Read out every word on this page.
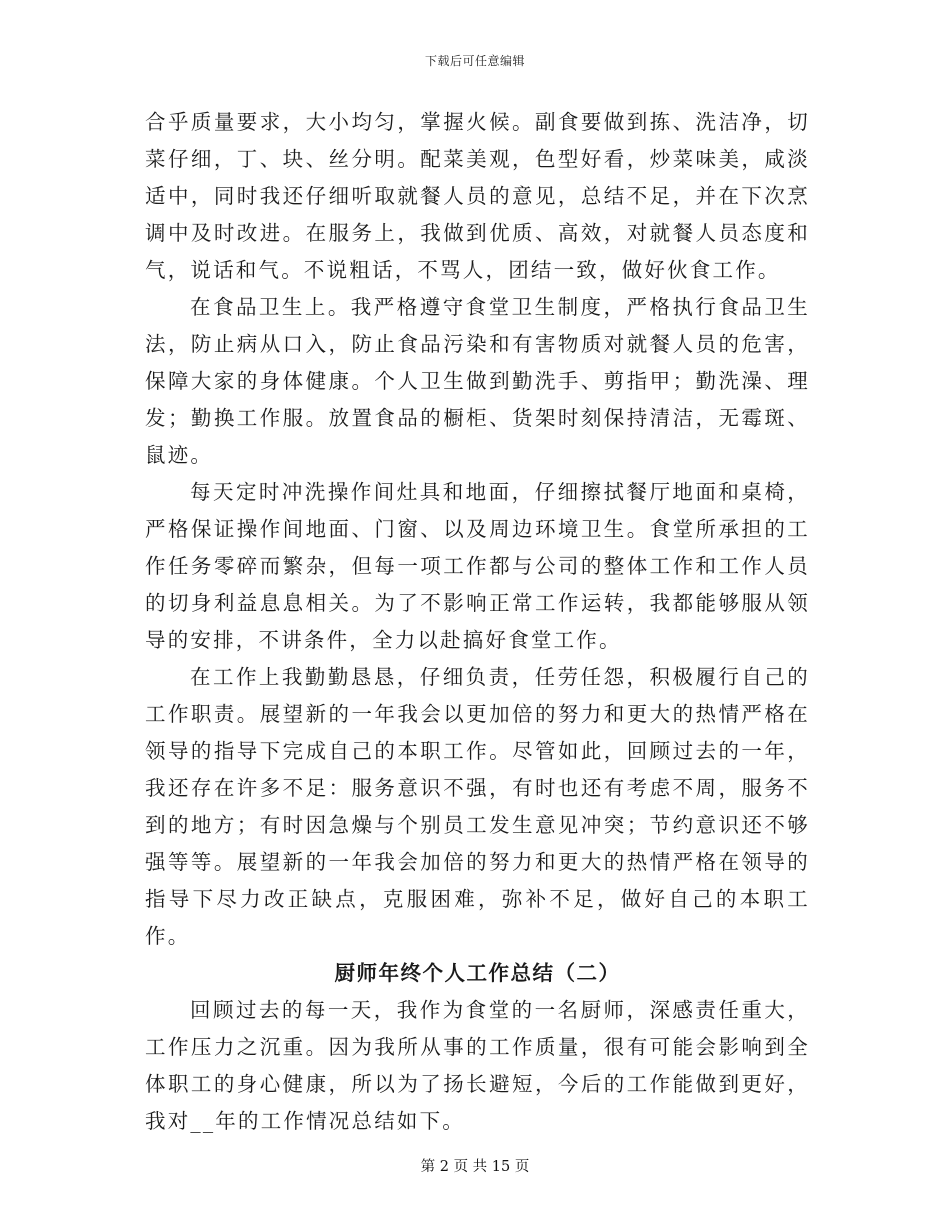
下载后可任意编辑

合乎质量要求，大小均匀，掌握火候。副食要做到拣、洗洁净，切菜仔细，丁、块、丝分明。配菜美观，色型好看，炒菜味美，咸淡适中，同时我还仔细听取就餐人员的意见，总结不足，并在下次烹调中及时改进。在服务上，我做到优质、高效，对就餐人员态度和气，说话和气。不说粗话，不骂人，团结一致，做好伙食工作。

在食品卫生上。我严格遵守食堂卫生制度，严格执行食品卫生法，防止病从口入，防止食品污染和有害物质对就餐人员的危害，保障大家的身体健康。个人卫生做到勤洗手、剪指甲；勤洗澡、理发；勤换工作服。放置食品的橱柜、货架时刻保持清洁，无霉斑、鼠迹。

每天定时冲洗操作间灶具和地面，仔细擦拭餐厅地面和桌椅，严格保证操作间地面、门窗、以及周边环境卫生。食堂所承担的工作任务零碎而繁杂，但每一项工作都与公司的整体工作和工作人员的切身利益息息相关。为了不影响正常工作运转，我都能够服从领导的安排，不讲条件，全力以赴搞好食堂工作。

在工作上我勤勤恳恳，仔细负责，任劳任怨，积极履行自己的工作职责。展望新的一年我会以更加倍的努力和更大的热情严格在领导的指导下完成自己的本职工作。尽管如此，回顾过去的一年，我还存在许多不足：服务意识不强，有时也还有考虑不周，服务不到的地方；有时因急燥与个别员工发生意见冲突；节约意识还不够强等等。展望新的一年我会加倍的努力和更大的热情严格在领导的指导下尽力改正缺点，克服困难，弥补不足，做好自己的本职工作。

厨师年终个人工作总结（二）

回顾过去的每一天，我作为食堂的一名厨师，深感责任重大，工作压力之沉重。因为我所从事的工作质量，很有可能会影响到全体职工的身心健康，所以为了扬长避短，今后的工作能做到更好，我对__年的工作情况总结如下。

第 2 页 共 15 页
